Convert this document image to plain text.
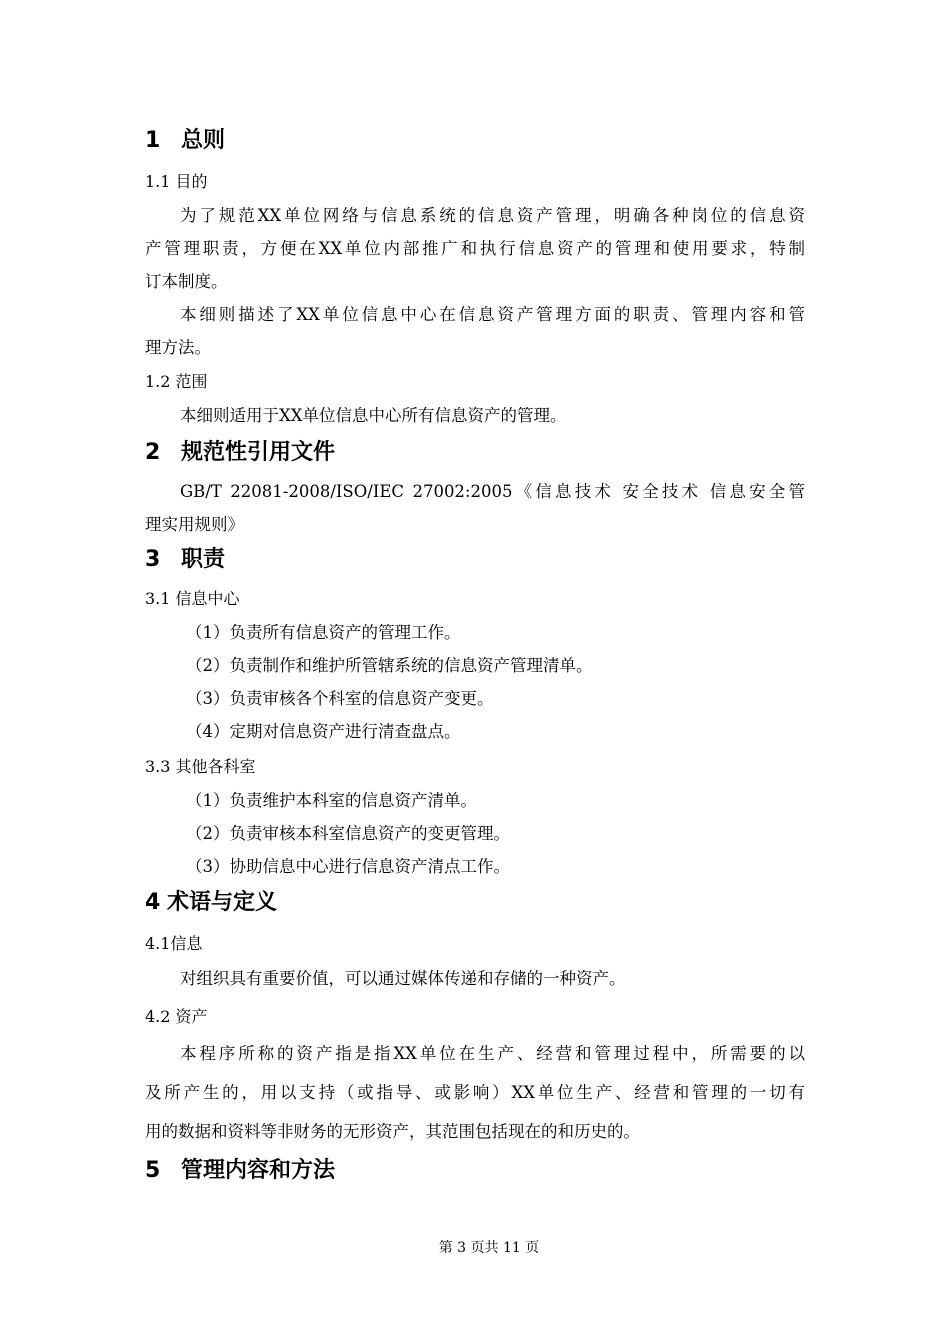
1 总则
1.1 目的
为了规范XX单位网络与信息系统的信息资产管理，明确各种岗位的信息资
产管理职责，方便在XX单位内部推广和执行信息资产的管理和使用要求，特制
订本制度。
本细则描述了XX单位信息中心在信息资产管理方面的职责、管理内容和管
理方法。
1.2 范围
本细则适用于XX单位信息中心所有信息资产的管理。
2 规范性引用文件
GB/T 22081-2008/ISO/IEC 27002:2005《信息技术 安全技术 信息安全管
理实用规则》
3 职责
3.1 信息中心
（1）负责所有信息资产的管理工作。
（2）负责制作和维护所管辖系统的信息资产管理清单。
（3）负责审核各个科室的信息资产变更。
（4）定期对信息资产进行清查盘点。
3.3 其他各科室
（1）负责维护本科室的信息资产清单。
（2）负责审核本科室信息资产的变更管理。
（3）协助信息中心进行信息资产清点工作。
4 术语与定义
4.1信息
对组织具有重要价值，可以通过媒体传递和存储的一种资产。
4.2 资产
本程序所称的资产指是指XX单位在生产、经营和管理过程中，所需要的以
及所产生的，用以支持（或指导、或影响）XX单位生产、经营和管理的一切有
用的数据和资料等非财务的无形资产，其范围包括现在的和历史的。
5 管理内容和方法
第 3 页共 11 页
